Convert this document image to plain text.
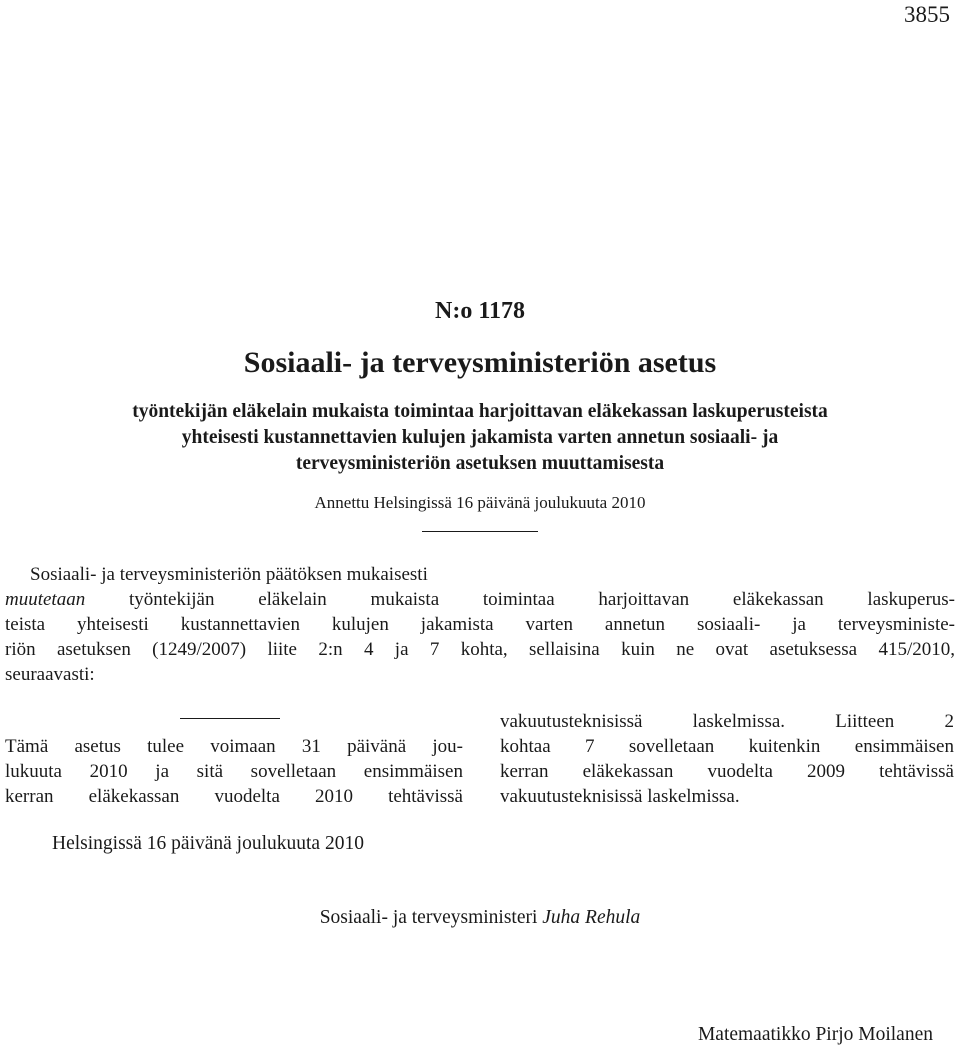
3855
N:o 1178
Sosiaali- ja terveysministeriön asetus
työntekijän eläkelain mukaista toimintaa harjoittavan eläkekassan laskuperusteista
yhteisesti kustannettavien kulujen jakamista varten annetun sosiaali- ja
terveysministeriön asetuksen muuttamisesta
Annettu Helsingissä 16 päivänä joulukuuta 2010
Sosiaali- ja terveysministeriön päätöksen mukaisesti
muutetaan työntekijän eläkelain mukaista toimintaa harjoittavan eläkekassan laskuperus-
teista yhteisesti kustannettavien kulujen jakamista varten annetun sosiaali- ja terveysministe-
riön asetuksen (1249/2007) liite 2:n 4 ja 7 kohta, sellaisina kuin ne ovat asetuksessa 415/2010,
seuraavasti:
Tämä asetus tulee voimaan 31 päivänä jou-
lukuuta 2010 ja sitä sovelletaan ensimmäisen
kerran eläkekassan vuodelta 2010 tehtävissä
vakuutusteknisissä laskelmissa. Liitteen 2
kohtaa 7 sovelletaan kuitenkin ensimmäisen
kerran eläkekassan vuodelta 2009 tehtävissä
vakuutusteknisissä laskelmissa.
Helsingissä 16 päivänä joulukuuta 2010
Sosiaali- ja terveysministeri Juha Rehula
Matemaatikko Pirjo Moilanen
